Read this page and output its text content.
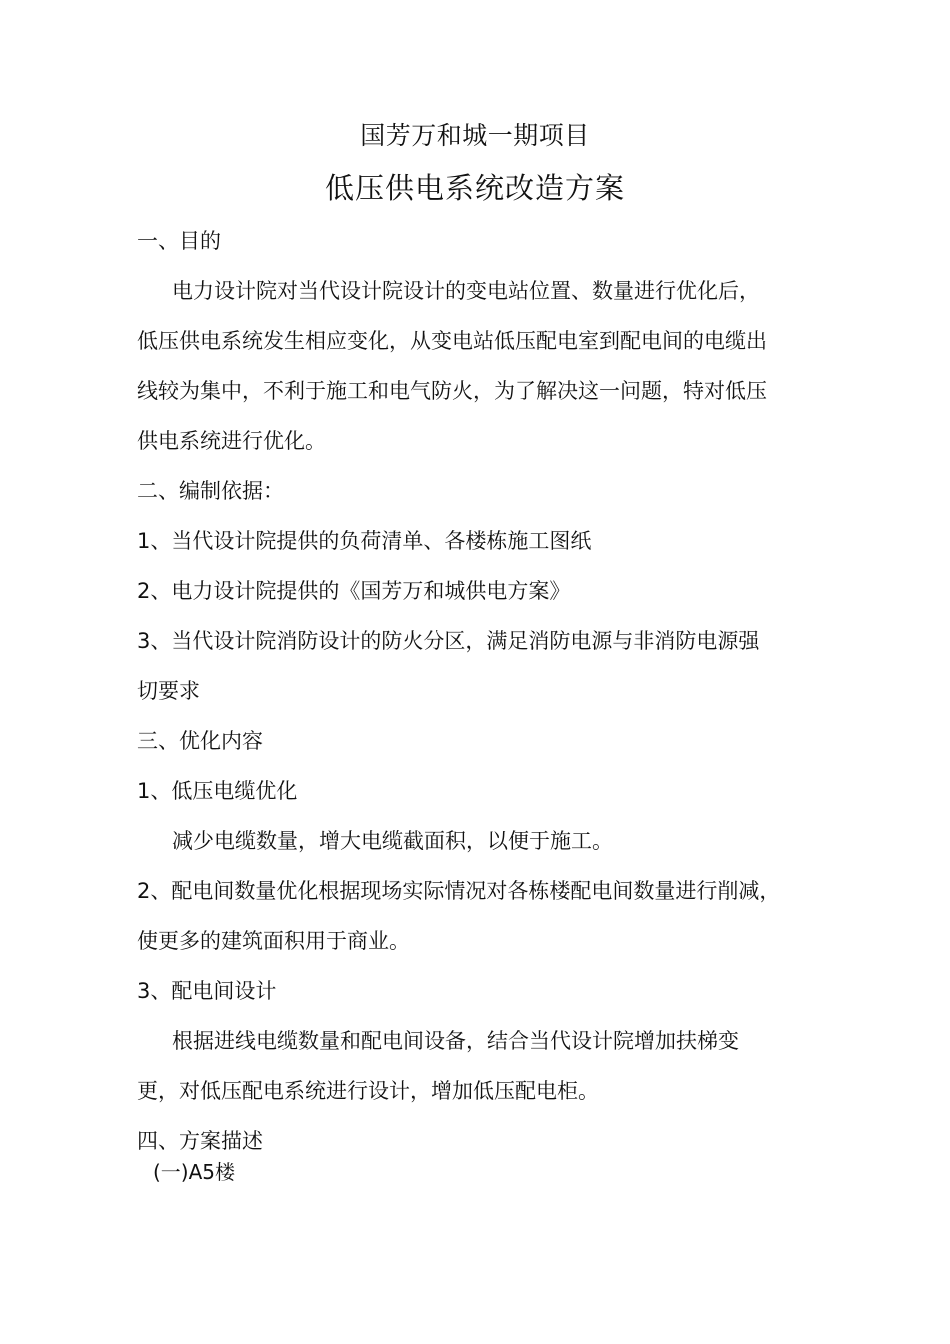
国芳万和城一期项目
低压供电系统改造方案
一、目的
电力设计院对当代设计院设计的变电站位置、数量进行优化后，
低压供电系统发生相应变化，从变电站低压配电室到配电间的电缆出
线较为集中，不利于施工和电气防火，为了解决这一问题，特对低压
供电系统进行优化。
二、编制依据：
1、当代设计院提供的负荷清单、各楼栋施工图纸
2、电力设计院提供的《国芳万和城供电方案》
3、当代设计院消防设计的防火分区，满足消防电源与非消防电源强
切要求
三、优化内容
1、低压电缆优化
减少电缆数量，增大电缆截面积，以便于施工。
2、配电间数量优化根据现场实际情况对各栋楼配电间数量进行削减，
使更多的建筑面积用于商业。
3、配电间设计
根据进线电缆数量和配电间设备，结合当代设计院增加扶梯变
更，对低压配电系统进行设计，增加低压配电柜。
四、方案描述
(一)A5楼
